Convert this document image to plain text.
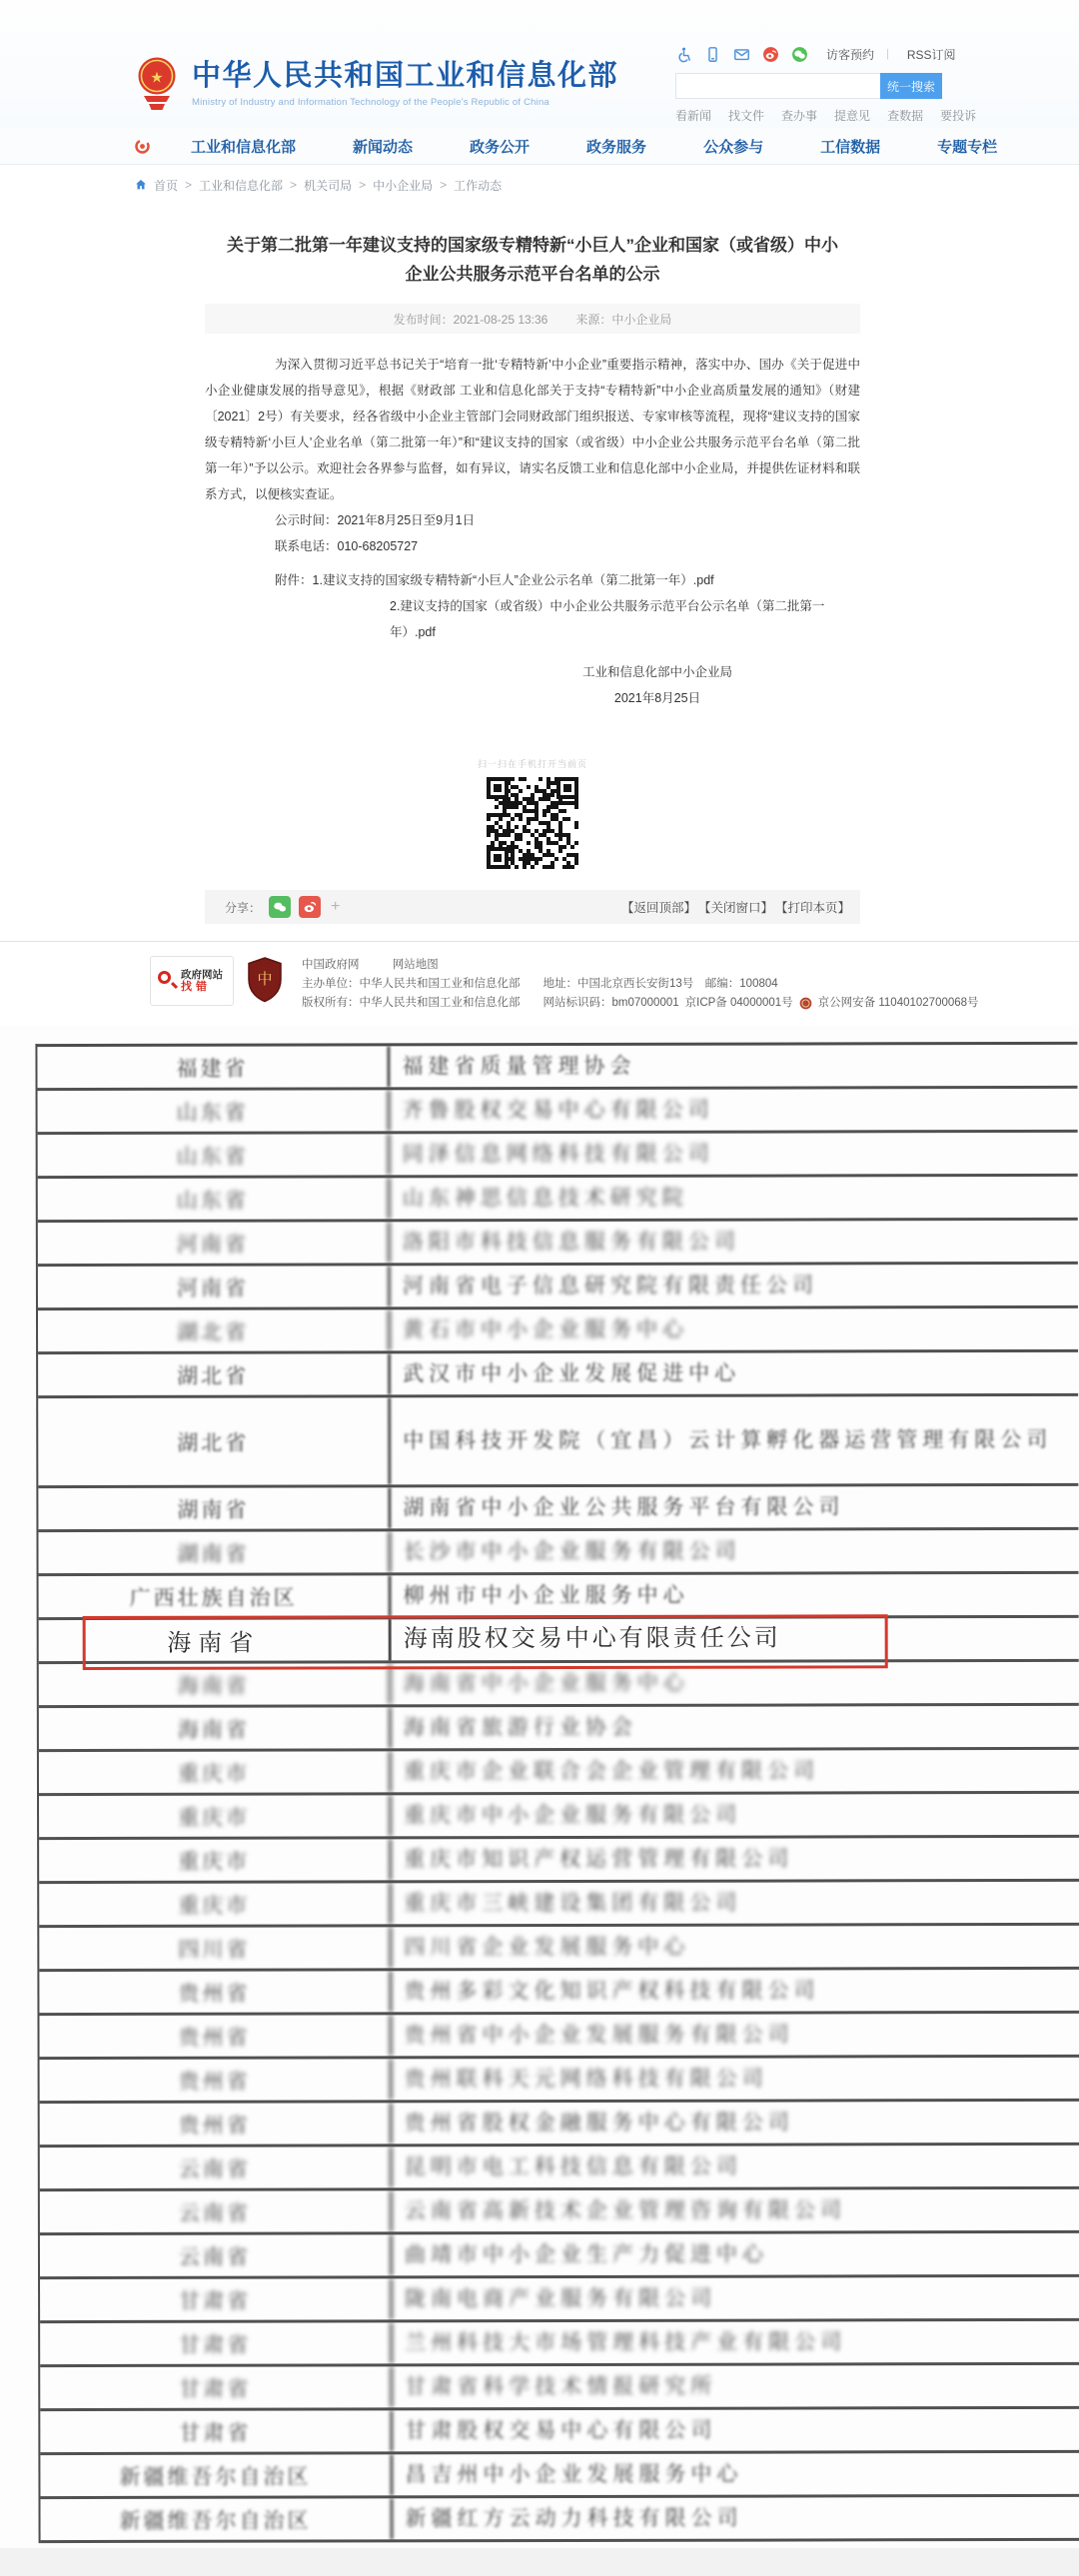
★ 中华人民共和国工业和信息化部
Ministry of Industry and Information Technology of the People's Republic of China
访客预约 | RSS订阅
统一搜索
看新闻 找文件 查办事 提意见 查数据 要投诉
工业和信息化部	新闻动态	政务公开	政务服务	公众参与	工信数据	专题专栏
首页 > 工业和信息化部 > 机关司局 > 中小企业局 > 工作动态
关于第二批第一年建议支持的国家级专精特新“小巨人”企业和国家（或省级）中小
企业公共服务示范平台名单的公示
发布时间：2021-08-25 13:36 来源：中小企业局

为深入贯彻习近平总书记关于“培育一批‘专精特新’中小企业”重要指示精神，落实中办、国办《关于促进中小企业健康发展的指导意见》，根据《财政部 工业和信息化部关于支持“专精特新”中小企业高质量发展的通知》（财建〔2021〕2号）有关要求，经各省级中小企业主管部门会同财政部门组织报送、专家审核等流程，现将“建议支持的国家级专精特新‘小巨人’企业名单（第二批第一年）”和“建议支持的国家（或省级）中小企业公共服务示范平台名单（第二批第一年）”予以公示。欢迎社会各界参与监督，如有异议，请实名反馈工业和信息化部中小企业局，并提供佐证材料和联系方式，以便核实查证。

公示时间：2021年8月25日至9月1日
联系电话：010-68205727
附件：1.建议支持的国家级专精特新“小巨人”企业公示名单（第二批第一年）.pdf
2.建议支持的国家（或省级）中小企业公共服务示范平台公示名单（第二批第一年）.pdf
工业和信息化部中小企业局
2021年8月25日
扫一扫在手机打开当前页
分享：	+	【返回顶部】 【关闭窗口】 【打印本页】
政府网站
找错	中
中国政府网	网站地图
主办单位：中华人民共和国工业和信息化部　　地址：中国北京西长安街13号　邮编：100804
版权所有：中华人民共和国工业和信息化部　　网站标识码：bm07000001 京ICP备 04000001号 京公网安备 11040102700068号
福建省	福建省质量管理协会
山东省	齐鲁股权交易中心有限公司
山东省	同泽信息网络科技有限公司
山东省	山东神思信息技术研究院
河南省	洛阳市科技信息服务有限公司
河南省	河南省电子信息研究院有限责任公司
湖北省	黄石市中小企业服务中心
湖北省	武汉市中小企业发展促进中心
湖北省	中国科技开发院（宜昌）云计算孵化器运营管理有限公司
湖南省	湖南省中小企业公共服务平台有限公司
湖南省	长沙市中小企业服务有限公司
广西壮族自治区	柳州市中小企业服务中心
海南省	海南股权交易中心有限责任公司
海南省	海南省中小企业服务中心
海南省	海南省旅游行业协会
重庆市	重庆市企业联合会企业管理有限公司
重庆市	重庆市中小企业服务有限公司
重庆市	重庆市知识产权运营管理有限公司
重庆市	重庆市三峡建设集团有限公司
四川省	四川省企业发展服务中心
贵州省	贵州多彩文化知识产权科技有限公司
贵州省	贵州省中小企业发展服务有限公司
贵州省	贵州联科天元网络科技有限公司
贵州省	贵州省股权金融服务中心有限公司
云南省	昆明市电工科技信息有限公司
云南省	云南省高新技术企业管理咨询有限公司
云南省	曲靖市中小企业生产力促进中心
甘肃省	陇南电商产业服务有限公司
甘肃省	兰州科技大市场管理科技产业有限公司
甘肃省	甘肃省科学技术情报研究所
甘肃省	甘肃股权交易中心有限公司
新疆维吾尔自治区	昌吉州中小企业发展服务中心
新疆维吾尔自治区	新疆红方云动力科技有限公司
